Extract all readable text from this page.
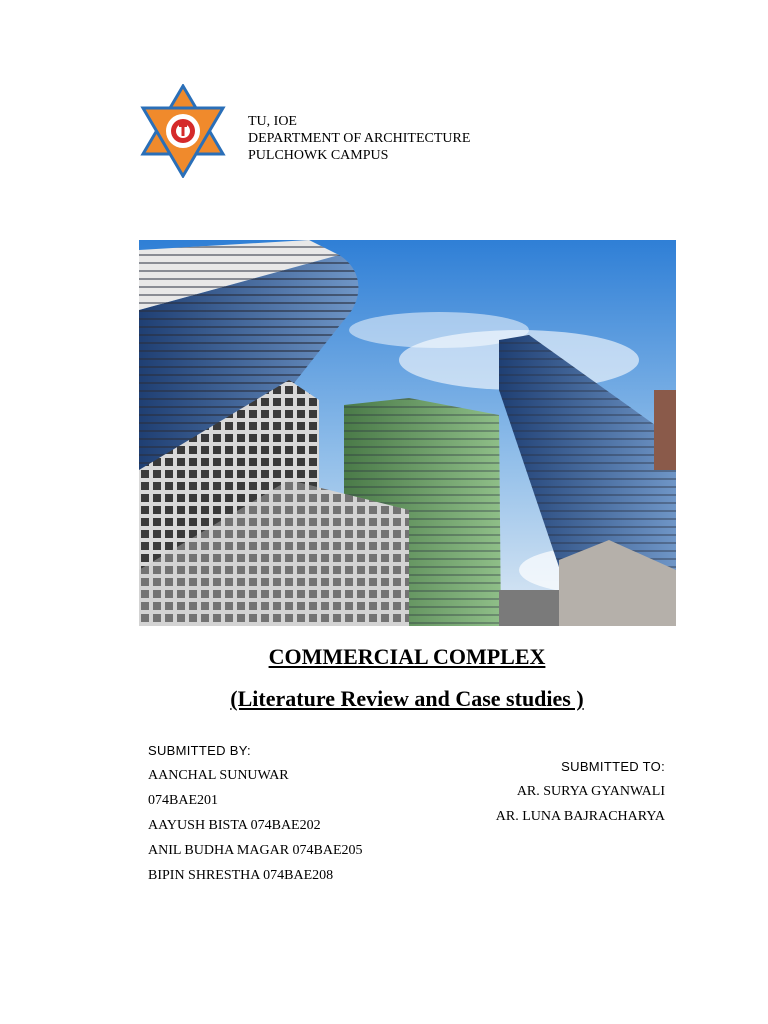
TU, IOE
DEPARTMENT OF ARCHITECTURE
PULCHOWK CAMPUS
COMMERCIAL COMPLEX
(Literature Review and Case studies )
SUBMITTED BY:
AANCHAL SUNUWAR
074BAE201
AAYUSH BISTA 074BAE202
ANIL BUDHA MAGAR 074BAE205
BIPIN SHRESTHA 074BAE208
SUBMITTED TO:
AR. SURYA GYANWALI
AR. LUNA BAJRACHARYA
